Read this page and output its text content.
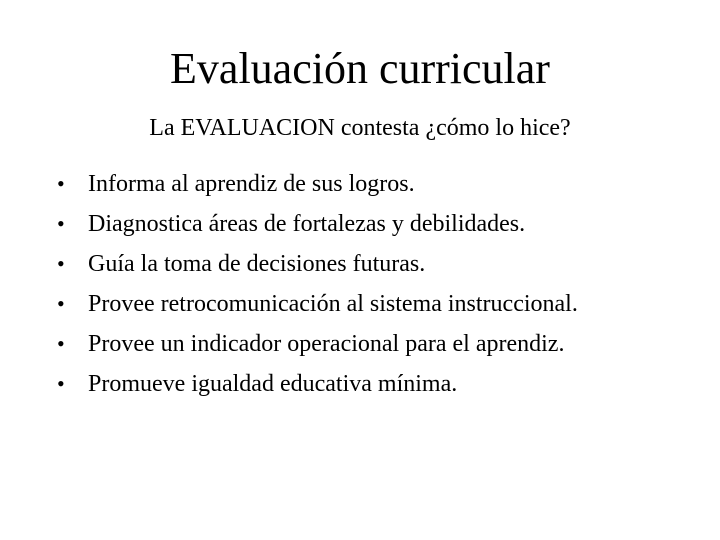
Evaluación curricular
La EVALUACION contesta ¿cómo lo hice?
• Informa al aprendiz de sus logros.
• Diagnostica áreas de fortalezas y debilidades.
• Guía la toma de decisiones futuras.
• Provee retrocomunicación al sistema instruccional.
• Provee un indicador operacional para el aprendiz.
• Promueve igualdad educativa mínima.
